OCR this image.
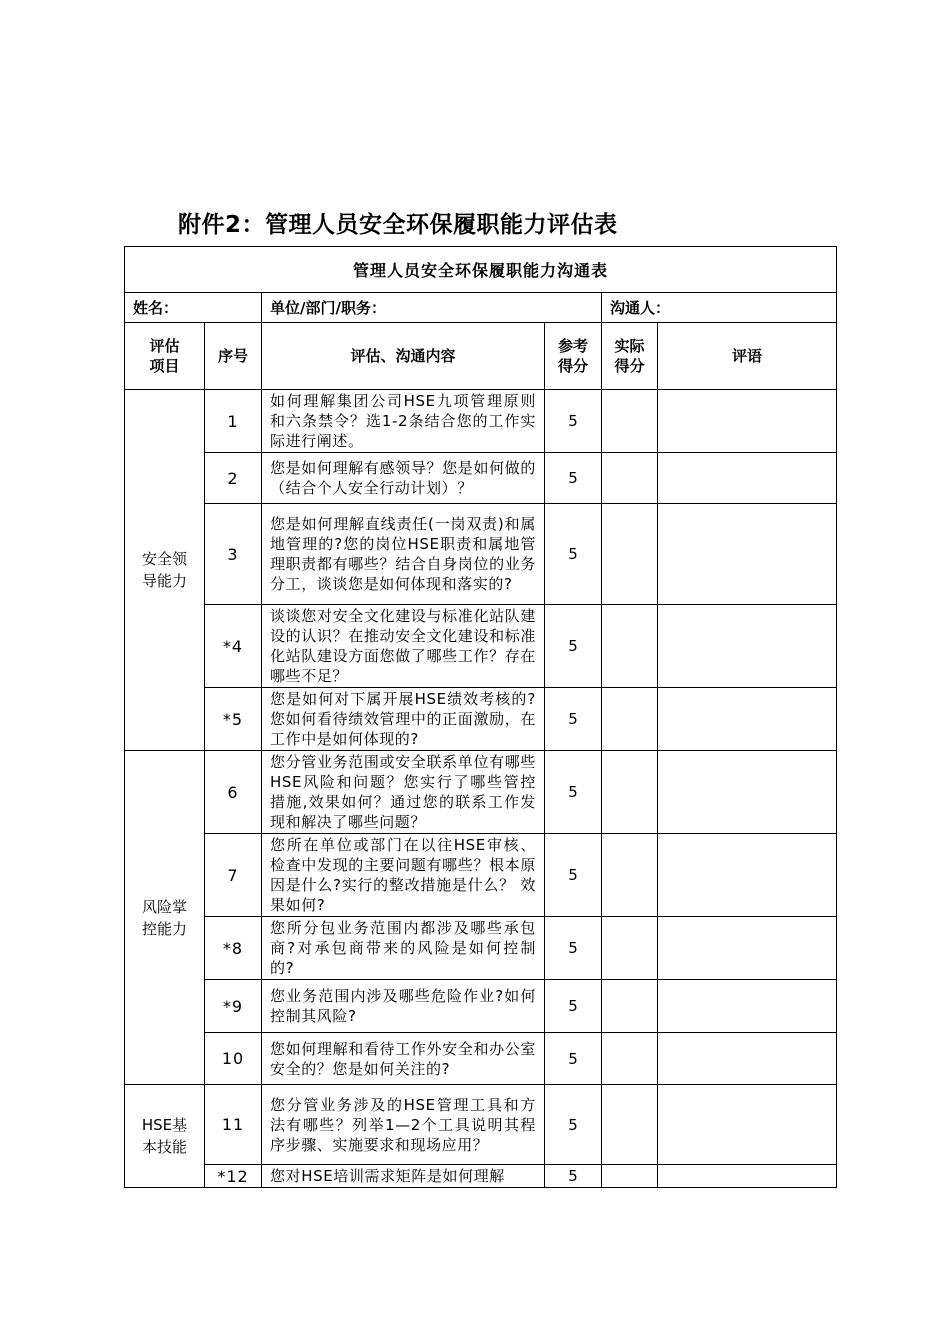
附件2：管理人员安全环保履职能力评估表
管理人员安全环保履职能力沟通表					
姓名：		单位/部门/职务：		沟通人：	

评估项目	序号	评估、沟通内容	参考得分	实际得分	评语
安全领导能力	1	如何理解集团公司HSE九项管理原则和六条禁令？选1-2条结合您的工作实际进行阐述。	5		
	2	您是如何理解有感领导？您是如何做的（结合个人安全行动计划）？	5		
	3	您是如何理解直线责任(一岗双责)和属地管理的?您的岗位HSE职责和属地管理职责都有哪些？结合自身岗位的业务分工，谈谈您是如何体现和落实的?	5		
	*4	谈谈您对安全文化建设与标准化站队建设的认识？在推动安全文化建设和标准化站队建设方面您做了哪些工作？存在哪些不足？	5		
	*5	您是如何对下属开展HSE绩效考核的?您如何看待绩效管理中的正面激励，在工作中是如何体现的?	5		
风险掌控能力	6	您分管业务范围或安全联系单位有哪些HSE风险和问题？您实行了哪些管控措施,效果如何？通过您的联系工作发现和解决了哪些问题？	5		
	7	您所在单位或部门在以往HSE审核、检查中发现的主要问题有哪些？根本原因是什么?实行的整改措施是什么？ 效果如何?	5		
	*8	您所分包业务范围内都涉及哪些承包商?对承包商带来的风险是如何控制的?	5		
	*9	您业务范围内涉及哪些危险作业?如何控制其风险?	5		
	10	您如何理解和看待工作外安全和办公室安全的？您是如何关注的?	5		
HSE基本技能	11	您分管业务涉及的HSE管理工具和方法有哪些？列举1—2个工具说明其程序步骤、实施要求和现场应用？	5		
	*12	您对HSE培训需求矩阵是如何理解	5		
